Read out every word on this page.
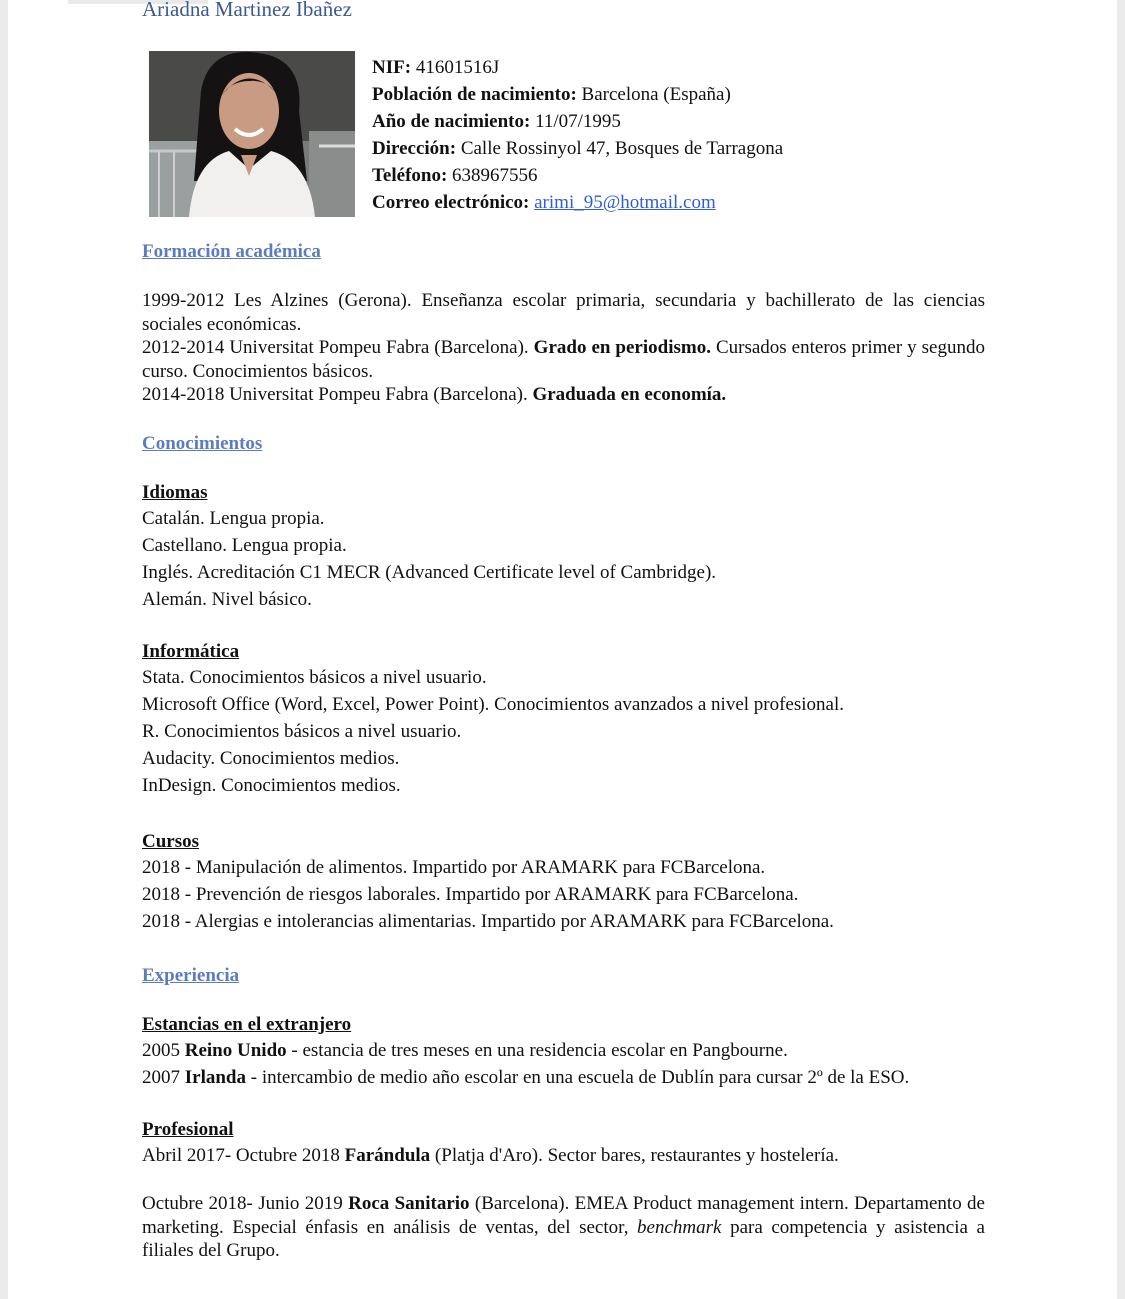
Ariadna Martinez Ibañez
NIF: 41601516J
Población de nacimiento: Barcelona (España)
Año de nacimiento: 11/07/1995
Dirección: Calle Rossinyol 47, Bosques de Tarragona
Teléfono: 638967556
Correo electrónico: arimi_95@hotmail.com
Formación académica
1999-2012 Les Alzines (Gerona). Enseñanza escolar primaria, secundaria y bachillerato de las ciencias sociales económicas.
2012-2014 Universitat Pompeu Fabra (Barcelona). Grado en periodismo. Cursados enteros primer y segundo curso. Conocimientos básicos.
2014-2018 Universitat Pompeu Fabra (Barcelona). Graduada en economía.
Conocimientos
Idiomas
Catalán. Lengua propia.
Castellano. Lengua propia.
Inglés. Acreditación C1 MECR (Advanced Certificate level of Cambridge).
Alemán. Nivel básico.
Informática
Stata. Conocimientos básicos a nivel usuario.
Microsoft Office (Word, Excel, Power Point). Conocimientos avanzados a nivel profesional.
R. Conocimientos básicos a nivel usuario.
Audacity. Conocimientos medios.
InDesign. Conocimientos medios.
Cursos
2018 - Manipulación de alimentos. Impartido por ARAMARK para FCBarcelona.
2018 - Prevención de riesgos laborales. Impartido por ARAMARK para FCBarcelona.
2018 - Alergias e intolerancias alimentarias. Impartido por ARAMARK para FCBarcelona.
Experiencia
Estancias en el extranjero
2005 Reino Unido - estancia de tres meses en una residencia escolar en Pangbourne.
2007 Irlanda - intercambio de medio año escolar en una escuela de Dublín para cursar 2º de la ESO.
Profesional
Abril 2017- Octubre 2018 Farándula (Platja d'Aro). Sector bares, restaurantes y hostelería.
Octubre 2018- Junio 2019 Roca Sanitario (Barcelona). EMEA Product management intern. Departamento de marketing. Especial énfasis en análisis de ventas, del sector, benchmark para competencia y asistencia a filiales del Grupo.
